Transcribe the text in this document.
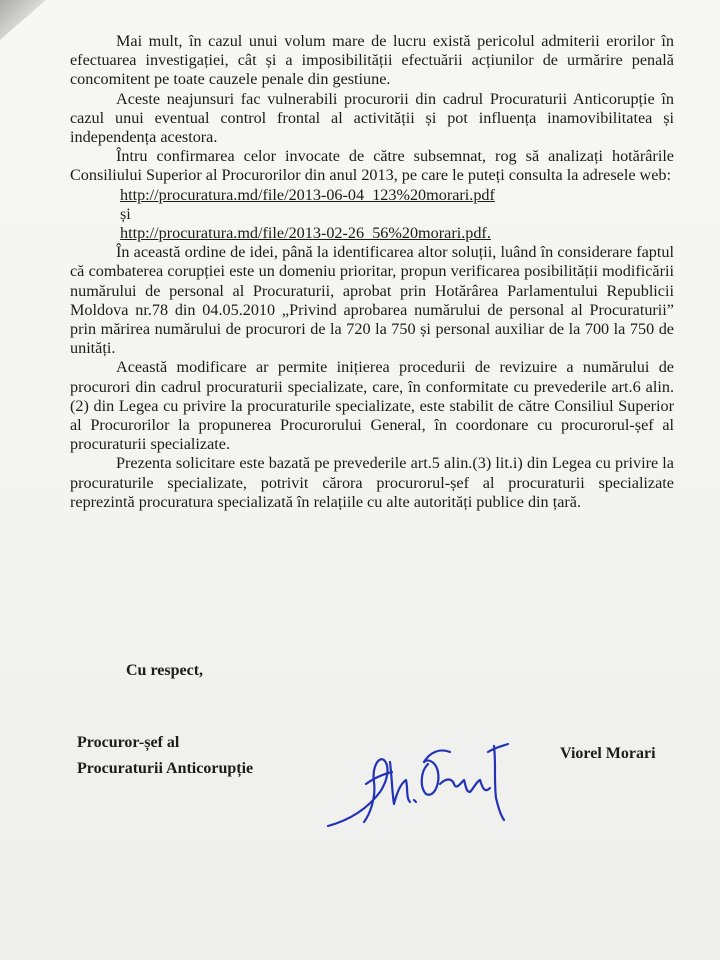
Mai mult, în cazul unui volum mare de lucru există pericolul admiterii erorilor în efectuarea investigației, cât și a imposibilității efectuării acțiunilor de urmărire penală concomitent pe toate cauzele penale din gestiune.

Aceste neajunsuri fac vulnerabili procurorii din cadrul Procuraturii Anticorupție în cazul unui eventual control frontal al activității și pot influența inamovibilitatea și independența acestora.

Întru confirmarea celor invocate de către subsemnat, rog să analizați hotărârile Consiliului Superior al Procurorilor din anul 2013, pe care le puteți consulta la adresele web:

http://procuratura.md/file/2013-06-04_123%20morari.pdf
și
http://procuratura.md/file/2013-02-26_56%20morari.pdf.

În această ordine de idei, până la identificarea altor soluții, luând în considerare faptul că combaterea corupției este un domeniu prioritar, propun verificarea posibilității modificării numărului de personal al Procuraturii, aprobat prin Hotărârea Parlamentului Republicii Moldova nr.78 din 04.05.2010 „Privind aprobarea numărului de personal al Procuraturii” prin mărirea numărului de procurori de la 720 la 750 și personal auxiliar de la 700 la 750 de unități.

Această modificare ar permite inițierea procedurii de revizuire a numărului de procurori din cadrul procuraturii specializate, care, în conformitate cu prevederile art.6 alin.(2) din Legea cu privire la procuraturile specializate, este stabilit de către Consiliul Superior al Procurorilor la propunerea Procurorului General, în coordonare cu procurorul-șef al procuraturii specializate.

Prezenta solicitare este bazată pe prevederile art.5 alin.(3) lit.i) din Legea cu privire la procuraturile specializate, potrivit cărora procurorul-șef al procuraturii specializate reprezintă procuratura specializată în relațiile cu alte autorități publice din țară.

Cu respect,
Procuror-șef al
Procuraturii Anticorupție
Viorel Morari
